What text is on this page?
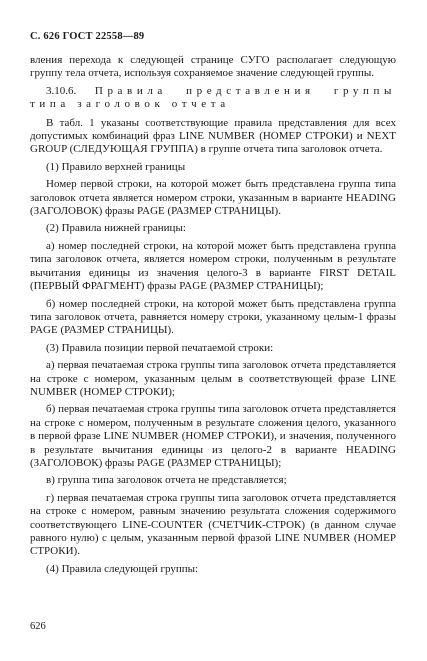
С. 626 ГОСТ 22558—89

вления перехода к следующей странице СУГО располагает следующую группу тела отчета, используя сохраняемое значение следующей группы.

3.10.6. Правила представления группы типа заголовок отчета

В табл. 1 указаны соответствующие правила представления для всех допустимых комбинаций фраз LINE NUMBER (НОМЕР СТРОКИ) и NEXT GROUP (СЛЕДУЮЩАЯ ГРУППА) в группе отчета типа заголовок отчета.

(1) Правило верхней границы

Номер первой строки, на которой может быть представлена группа типа заголовок отчета является номером строки, указанным в варианте HEADING (ЗАГОЛОВОК) фразы PAGE (РАЗМЕР СТРАНИЦЫ).

(2) Правила нижней границы:

а) номер последней строки, на которой может быть представлена группа типа заголовок отчета, является номером строки, полученным в результате вычитания единицы из значения целого-3 в варианте FIRST DETAIL (ПЕРВЫЙ ФРАГМЕНТ) фразы PAGE (РАЗМЕР СТРАНИЦЫ);

б) номер последней строки, на которой может быть представлена группа типа заголовок отчета, равняется номеру строки, указанному целым-1 фразы PAGE (РАЗМЕР СТРАНИЦЫ).

(3) Правила позиции первой печатаемой строки:

а) первая печатаемая строка группы типа заголовок отчета представляется на строке с номером, указанным целым в соответствующей фразе LINE NUMBER (НОМЕР СТРОКИ);

б) первая печатаемая строка группы типа заголовок отчета представляется на строке с номером, полученным в результате сложения целого, указанного в первой фразе LINE NUMBER (НОМЕР СТРОКИ), и значения, полученного в результате вычитания единицы из целого-2 в варианте HEADING (ЗАГОЛОВОК) фразы PAGE (РАЗМЕР СТРАНИЦЫ);

в) группа типа заголовок отчета не представляется;

г) первая печатаемая строка группы типа заголовок отчета представляется на строке с номером, равным значению результата сложения содержимого соответствующего LINE-COUNTER (СЧЕТЧИК-СТРОК) (в данном случае равного нулю) с целым, указанным первой фразой LINE NUMBER (НОМЕР СТРОКИ).

(4) Правила следующей группы:

626
